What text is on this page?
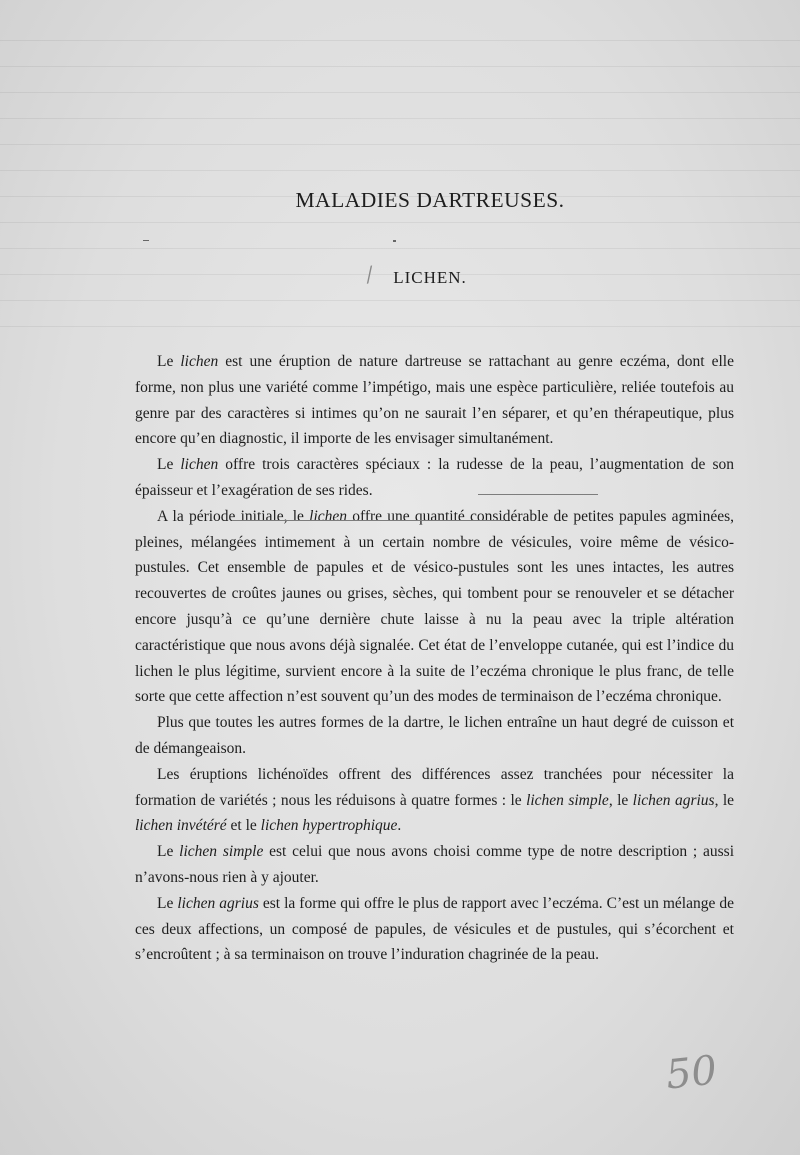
MALADIES DARTREUSES.
/	LICHEN.

Le lichen est une éruption de nature dartreuse se rattachant au genre eczéma, dont elle forme, non plus une variété comme l’impétigo, mais une espèce particulière, reliée toutefois au genre par des caractères si intimes qu’on ne saurait l’en séparer, et qu’en thérapeutique, plus encore qu’en diagnostic, il importe de les envisager simultanément.

Le lichen offre trois caractères spéciaux : la rudesse de la peau, l’augmentation de son épaisseur et l’exagération de ses rides.

A la période initiale, le lichen offre une quantité considérable de petites papules agminées, pleines, mélangées intimement à un certain nombre de vésicules, voire même de vésico-pustules. Cet ensemble de papules et de vésico-pustules sont les unes intactes, les autres recouvertes de croûtes jaunes ou grises, sèches, qui tombent pour se renouveler et se détacher encore jusqu’à ce qu’une dernière chute laisse à nu la peau avec la triple altération caractéristique que nous avons déjà signalée. Cet état de l’enveloppe cutanée, qui est l’indice du lichen le plus légitime, survient encore à la suite de l’eczéma chronique le plus franc, de telle sorte que cette affection n’est souvent qu’un des modes de terminaison de l’eczéma chronique.

Plus que toutes les autres formes de la dartre, le lichen entraîne un haut degré de cuisson et de démangeaison.

Les éruptions lichénoïdes offrent des différences assez tranchées pour nécessiter la formation de variétés ; nous les réduisons à quatre formes : le lichen simple, le lichen agrius, le lichen invétéré et le lichen hypertrophique.

Le lichen simple est celui que nous avons choisi comme type de notre description ; aussi n’avons-nous rien à y ajouter.

Le lichen agrius est la forme qui offre le plus de rapport avec l’eczéma. C’est un mélange de ces deux affections, un composé de papules, de vésicules et de pustules, qui s’écorchent et s’encroûtent ; à sa terminaison on trouve l’induration chagrinée de la peau.

50
